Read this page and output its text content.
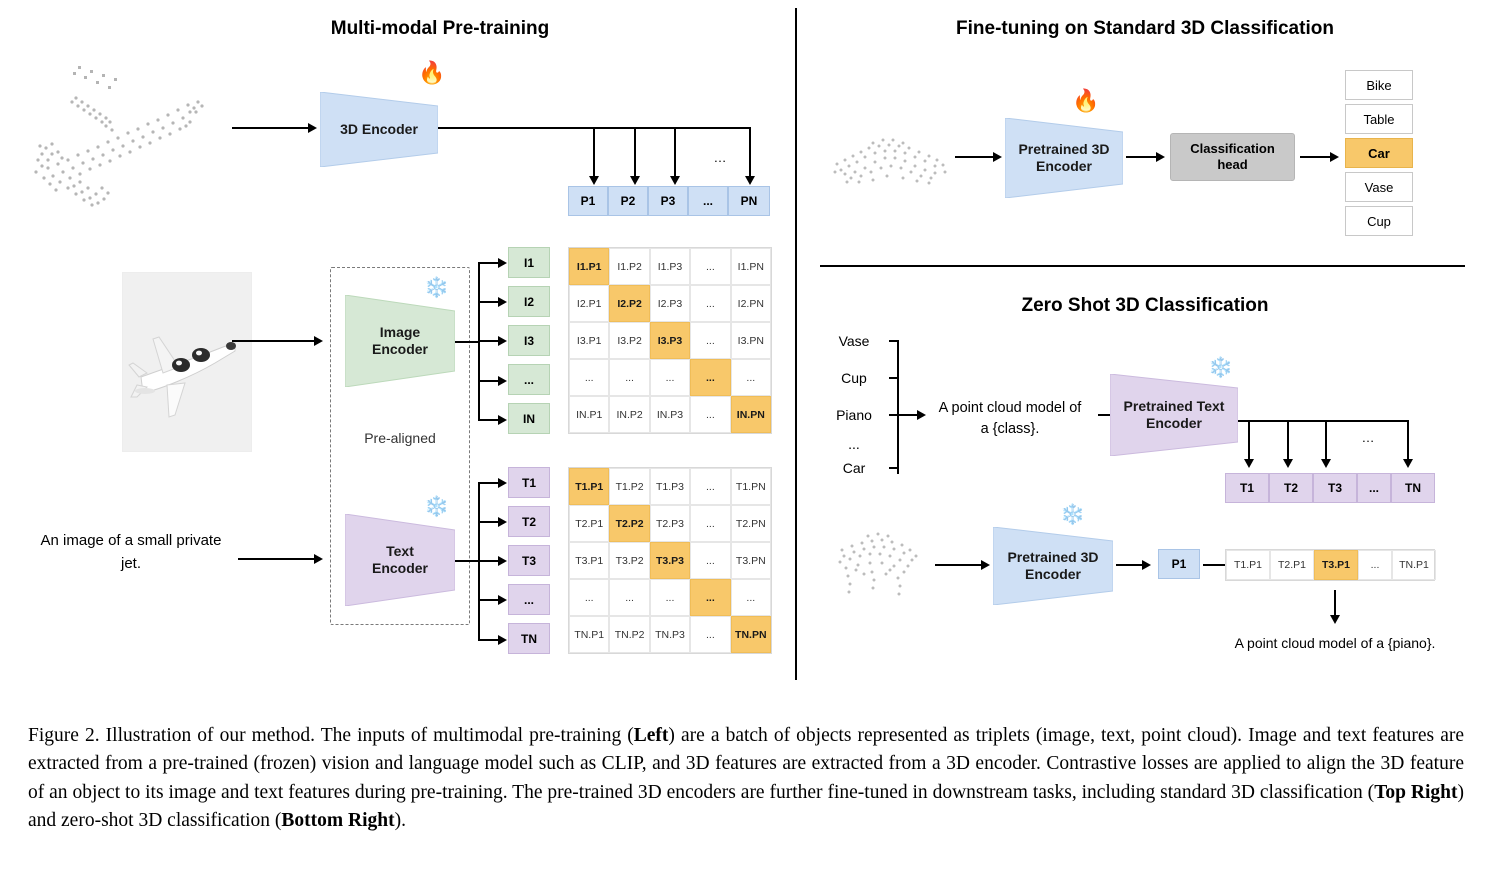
Multi-modal Pre-training	Fine-tuning on Standard 3D Classification
Zero Shot 3D Classification
3D Encoder
🔥
…
P1	P2	P3	...	PN
Pre-aligned
Image
Encoder
❄️
An image of a small private jet.
Text
Encoder
❄️
I1
I2
I3
...
IN
I1.P1	I1.P2	I1.P3	...	I1.PN
I2.P1	I2.P2	I2.P3	...	I2.PN
I3.P1	I3.P2	I3.P3	...	I3.PN
...	...	...	...	...
IN.P1	IN.P2	IN.P3	...	IN.PN
T1
T2
T3
...
TN
T1.P1	T1.P2	T1.P3	...	T1.PN
T2.P1	T2.P2	T2.P3	...	T2.PN
T3.P1	T3.P2	T3.P3	...	T3.PN
...	...	...	...	...
TN.P1	TN.P2	TN.P3	...	TN.PN
Pretrained 3D
Encoder
🔥
Classification
head
Bike
Table
Car
Vase
Cup
Vase
Cup
Piano
...
Car
A point cloud model of
a {class}.
Pretrained Text
Encoder
❄️
…
T1	T2	T3	...	TN
Pretrained 3D
Encoder
❄️
P1	T1.P1	T2.P1	T3.P1	...	TN.P1
A point cloud model of a {piano}.
Figure 2. Illustration of our method. The inputs of multimodal pre-training (Left) are a batch of objects represented as triplets (image, text, point cloud). Image and text features are extracted from a pre-trained (frozen) vision and language model such as CLIP, and 3D features are extracted from a 3D encoder. Contrastive losses are applied to align the 3D feature of an object to its image and text features during pre-training. The pre-trained 3D encoders are further fine-tuned in downstream tasks, including standard 3D classification (Top Right) and zero-shot 3D classification (Bottom Right).
